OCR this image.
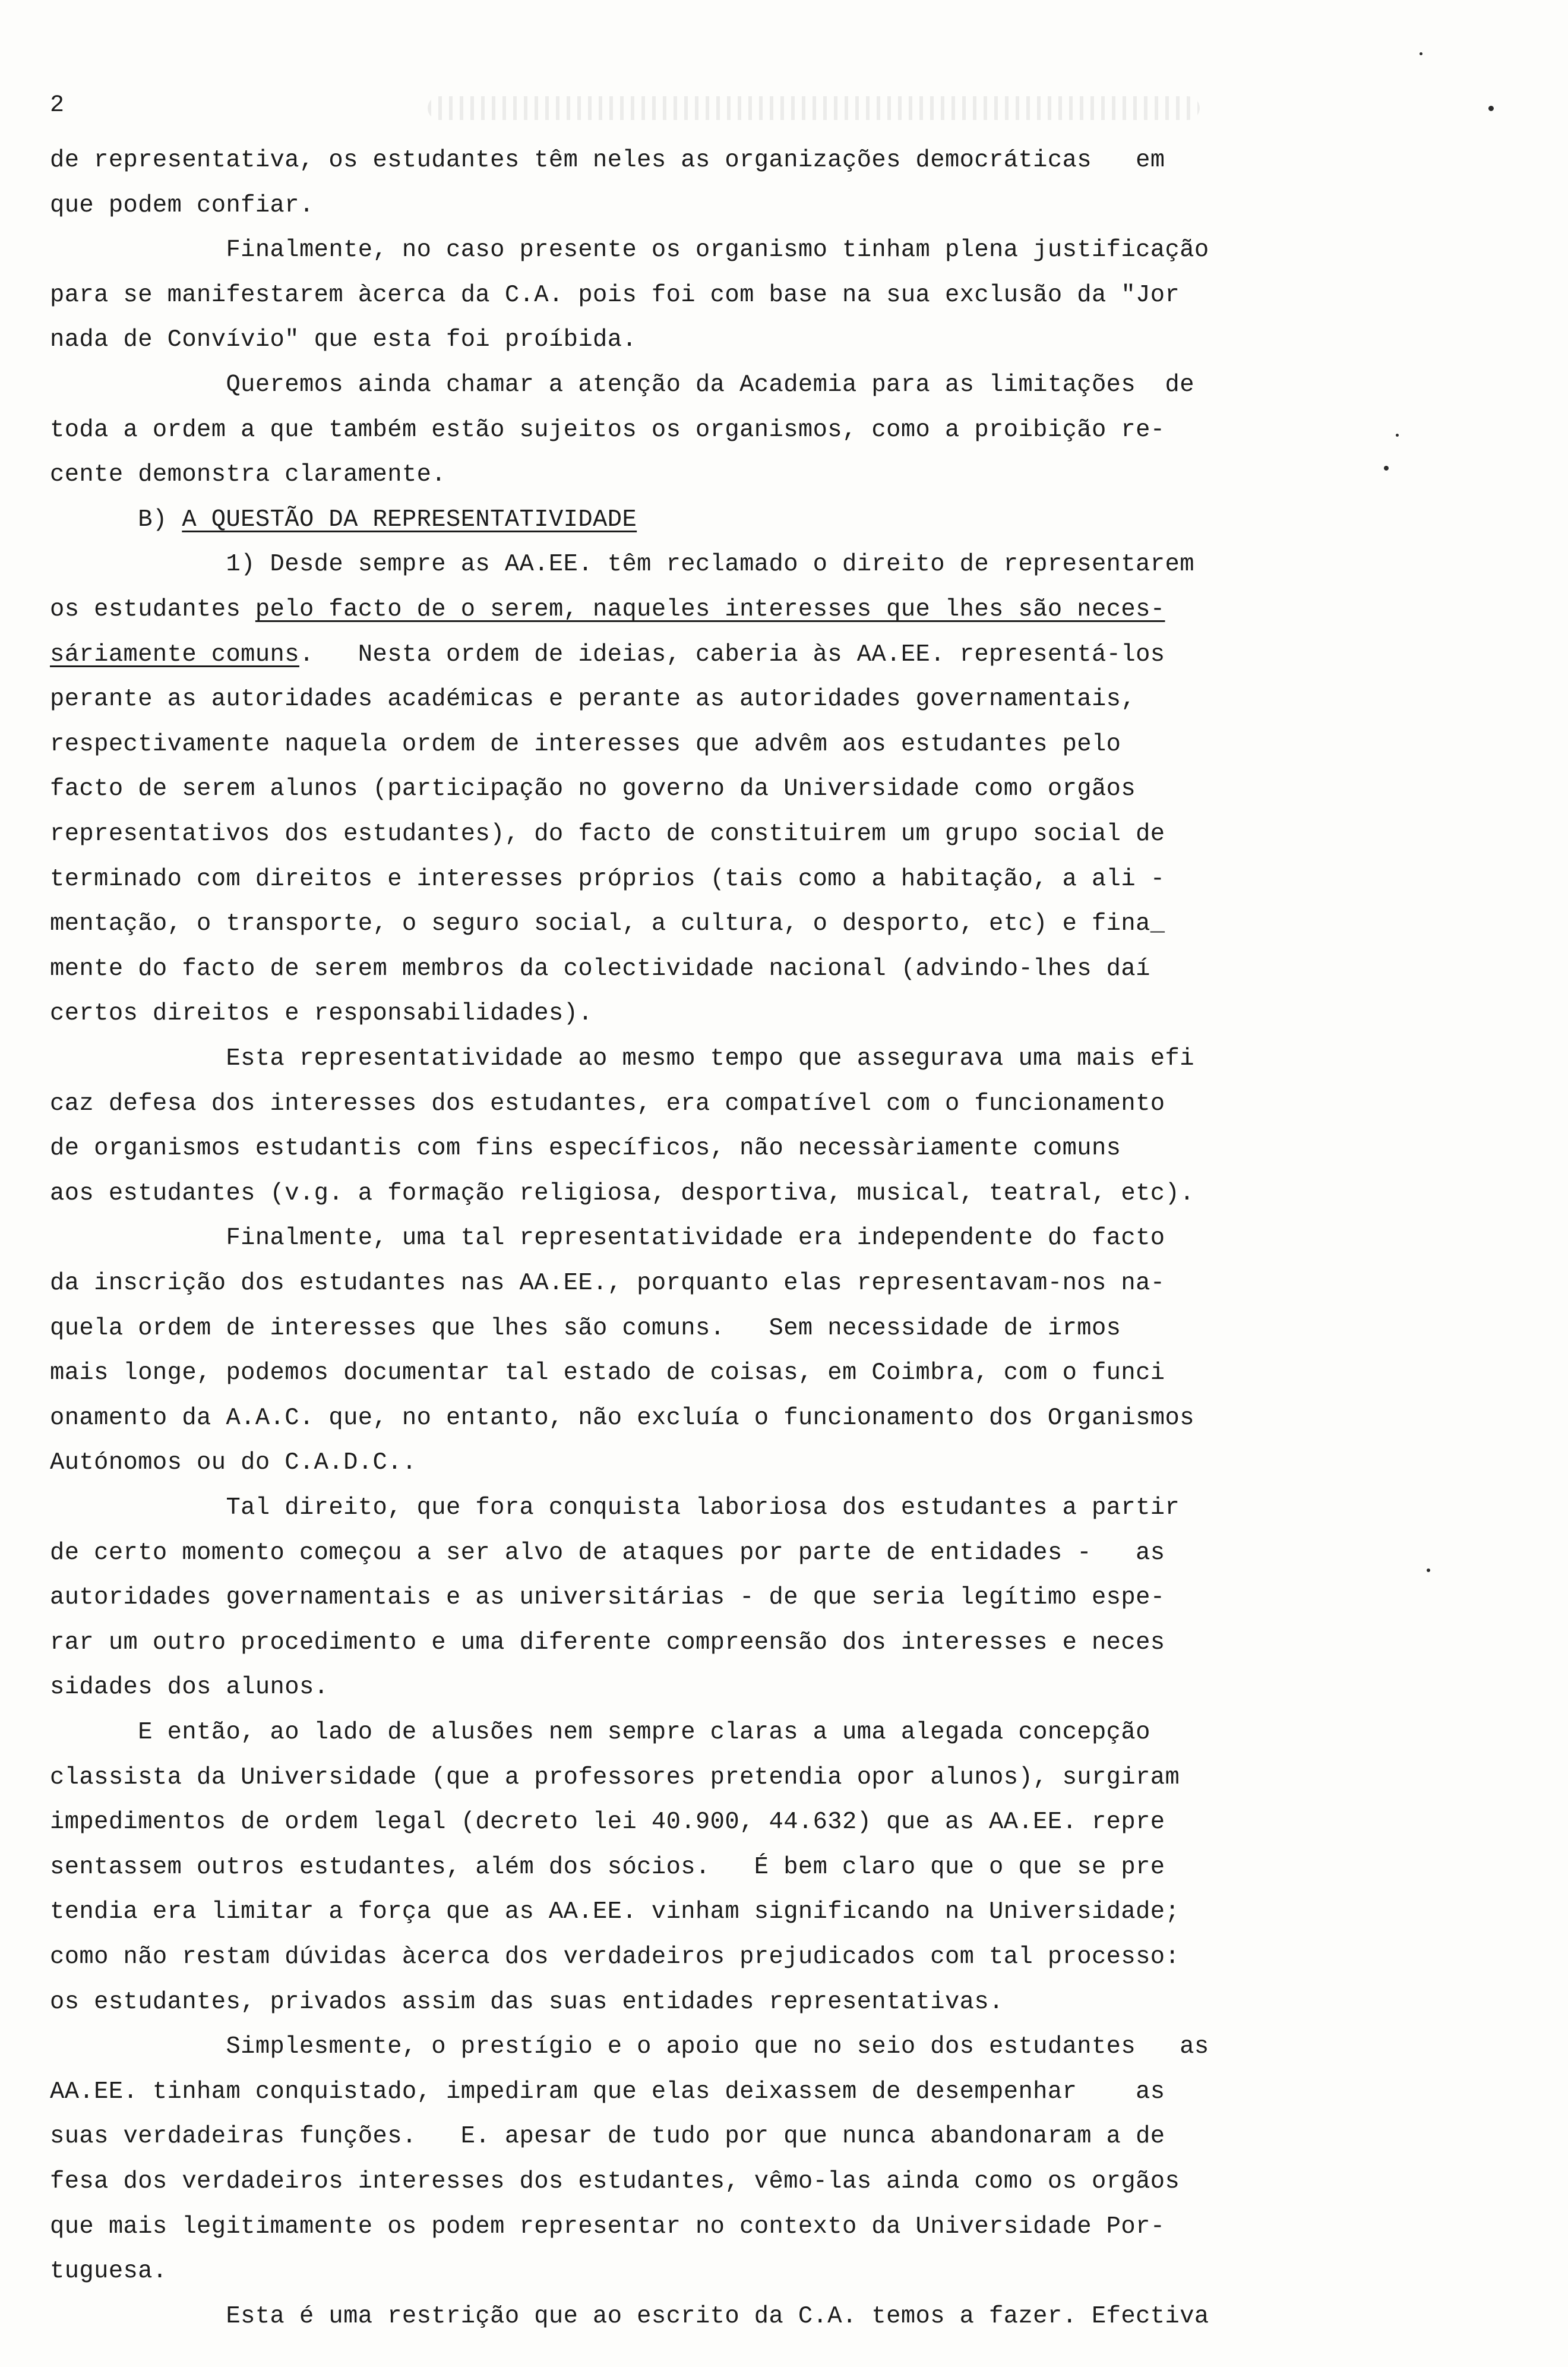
2
de representativa, os estudantes têm neles as organizações democráticas   em
que podem confiar.
Finalmente, no caso presente os organismo tinham plena justificação
para se manifestarem àcerca da C.A. pois foi com base na sua exclusão da "Jor
nada de Convívio" que esta foi proíbida.
Queremos ainda chamar a atenção da Academia para as limitações  de
toda a ordem a que também estão sujeitos os organismos, como a proibição re-
cente demonstra claramente.
B) A QUESTÃO DA REPRESENTATIVIDADE
1) Desde sempre as AA.EE. têm reclamado o direito de representarem
os estudantes pelo facto de o serem, naqueles interesses que lhes são neces-
sáriamente comuns.   Nesta ordem de ideias, caberia às AA.EE. representá-los
perante as autoridades académicas e perante as autoridades governamentais,
respectivamente naquela ordem de interesses que advêm aos estudantes pelo
facto de serem alunos (participação no governo da Universidade como orgãos
representativos dos estudantes), do facto de constituirem um grupo social de
terminado com direitos e interesses próprios (tais como a habitação, a ali -
mentação, o transporte, o seguro social, a cultura, o desporto, etc) e fina_
mente do facto de serem membros da colectividade nacional (advindo-lhes daí
certos direitos e responsabilidades).
Esta representatividade ao mesmo tempo que assegurava uma mais efi
caz defesa dos interesses dos estudantes, era compatível com o funcionamento
de organismos estudantis com fins específicos, não necessàriamente comuns
aos estudantes (v.g. a formação religiosa, desportiva, musical, teatral, etc).
Finalmente, uma tal representatividade era independente do facto
da inscrição dos estudantes nas AA.EE., porquanto elas representavam-nos na-
quela ordem de interesses que lhes são comuns.   Sem necessidade de irmos
mais longe, podemos documentar tal estado de coisas, em Coimbra, com o funci
onamento da A.A.C. que, no entanto, não excluía o funcionamento dos Organismos
Autónomos ou do C.A.D.C..
Tal direito, que fora conquista laboriosa dos estudantes a partir
de certo momento começou a ser alvo de ataques por parte de entidades -   as
autoridades governamentais e as universitárias - de que seria legítimo espe-
rar um outro procedimento e uma diferente compreensão dos interesses e neces
sidades dos alunos.
E então, ao lado de alusões nem sempre claras a uma alegada concepção
classista da Universidade (que a professores pretendia opor alunos), surgiram
impedimentos de ordem legal (decreto lei 40.900, 44.632) que as AA.EE. repre
sentassem outros estudantes, além dos sócios.   É bem claro que o que se pre
tendia era limitar a força que as AA.EE. vinham significando na Universidade;
como não restam dúvidas àcerca dos verdadeiros prejudicados com tal processo:
os estudantes, privados assim das suas entidades representativas.
Simplesmente, o prestígio e o apoio que no seio dos estudantes   as
AA.EE. tinham conquistado, impediram que elas deixassem de desempenhar    as
suas verdadeiras funções.   E. apesar de tudo por que nunca abandonaram a de
fesa dos verdadeiros interesses dos estudantes, vêmo-las ainda como os orgãos
que mais legitimamente os podem representar no contexto da Universidade Por-
tuguesa.
Esta é uma restrição que ao escrito da C.A. temos a fazer. Efectiva
